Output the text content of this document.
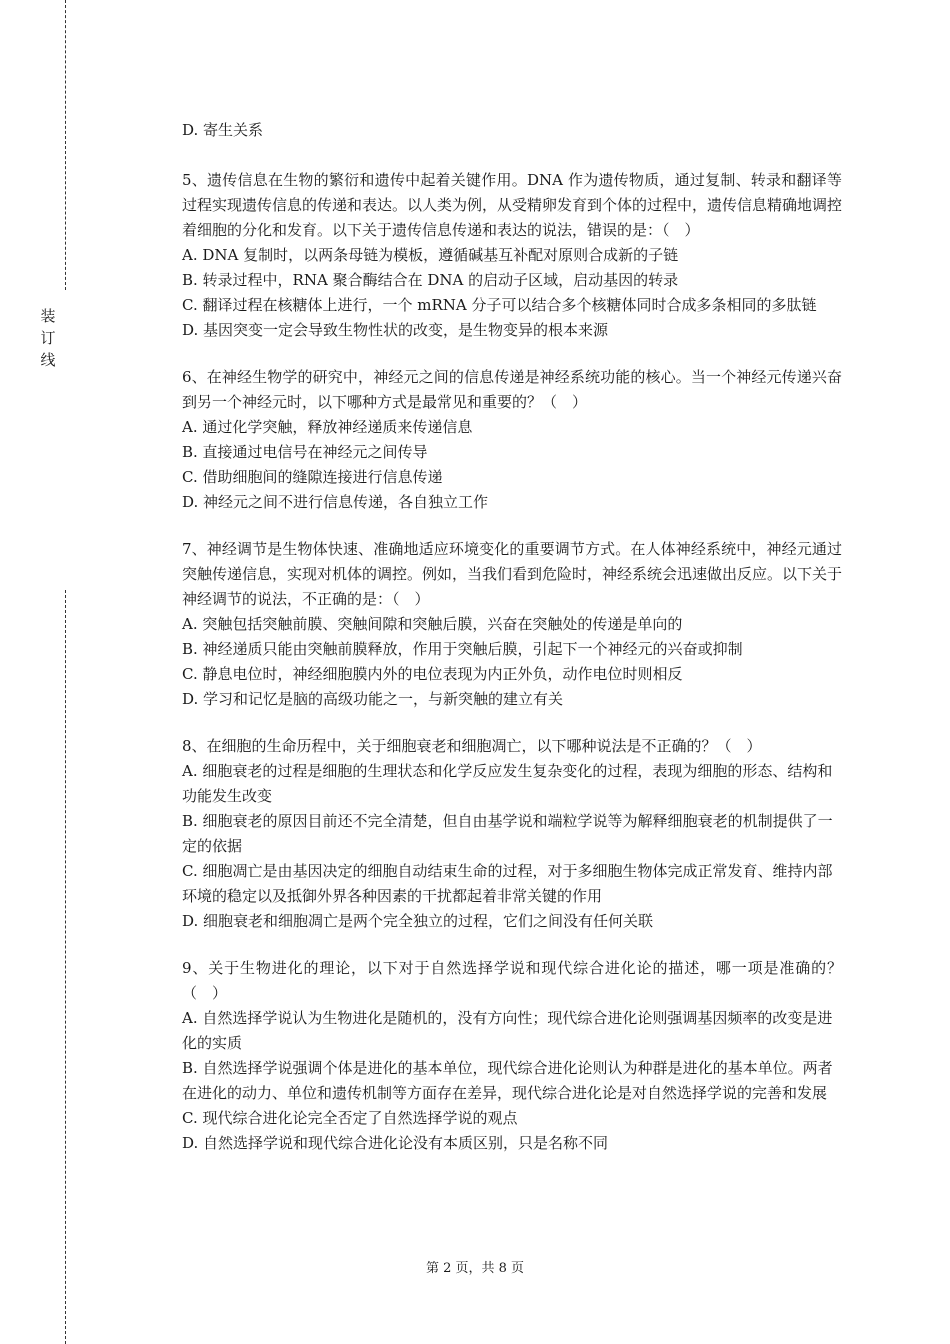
装订线
D. 寄生关系
5、遗传信息在生物的繁衍和遗传中起着关键作用。DNA 作为遗传物质，通过复制、转录和翻译等过程实现遗传信息的传递和表达。以人类为例，从受精卵发育到个体的过程中，遗传信息精确地调控着细胞的分化和发育。以下关于遗传信息传递和表达的说法，错误的是：（　）
A. DNA 复制时，以两条母链为模板，遵循碱基互补配对原则合成新的子链
B. 转录过程中，RNA 聚合酶结合在 DNA 的启动子区域，启动基因的转录
C. 翻译过程在核糖体上进行，一个 mRNA 分子可以结合多个核糖体同时合成多条相同的多肽链
D. 基因突变一定会导致生物性状的改变，是生物变异的根本来源
6、在神经生物学的研究中，神经元之间的信息传递是神经系统功能的核心。当一个神经元传递兴奋到另一个神经元时，以下哪种方式是最常见和重要的？（　）
A. 通过化学突触，释放神经递质来传递信息
B. 直接通过电信号在神经元之间传导
C. 借助细胞间的缝隙连接进行信息传递
D. 神经元之间不进行信息传递，各自独立工作
7、神经调节是生物体快速、准确地适应环境变化的重要调节方式。在人体神经系统中，神经元通过突触传递信息，实现对机体的调控。例如，当我们看到危险时，神经系统会迅速做出反应。以下关于神经调节的说法，不正确的是：（　）
A. 突触包括突触前膜、突触间隙和突触后膜，兴奋在突触处的传递是单向的
B. 神经递质只能由突触前膜释放，作用于突触后膜，引起下一个神经元的兴奋或抑制
C. 静息电位时，神经细胞膜内外的电位表现为内正外负，动作电位时则相反
D. 学习和记忆是脑的高级功能之一，与新突触的建立有关
8、在细胞的生命历程中，关于细胞衰老和细胞凋亡，以下哪种说法是不正确的？（　）
A. 细胞衰老的过程是细胞的生理状态和化学反应发生复杂变化的过程，表现为细胞的形态、结构和功能发生改变
B. 细胞衰老的原因目前还不完全清楚，但自由基学说和端粒学说等为解释细胞衰老的机制提供了一定的依据
C. 细胞凋亡是由基因决定的细胞自动结束生命的过程，对于多细胞生物体完成正常发育、维持内部环境的稳定以及抵御外界各种因素的干扰都起着非常关键的作用
D. 细胞衰老和细胞凋亡是两个完全独立的过程，它们之间没有任何关联
9、关于生物进化的理论，以下对于自然选择学说和现代综合进化论的描述，哪一项是准确的？（　）
A. 自然选择学说认为生物进化是随机的，没有方向性；现代综合进化论则强调基因频率的改变是进化的实质
B. 自然选择学说强调个体是进化的基本单位，现代综合进化论则认为种群是进化的基本单位。两者在进化的动力、单位和遗传机制等方面存在差异，现代综合进化论是对自然选择学说的完善和发展
C. 现代综合进化论完全否定了自然选择学说的观点
D. 自然选择学说和现代综合进化论没有本质区别，只是名称不同
第 2 页，共 8 页
